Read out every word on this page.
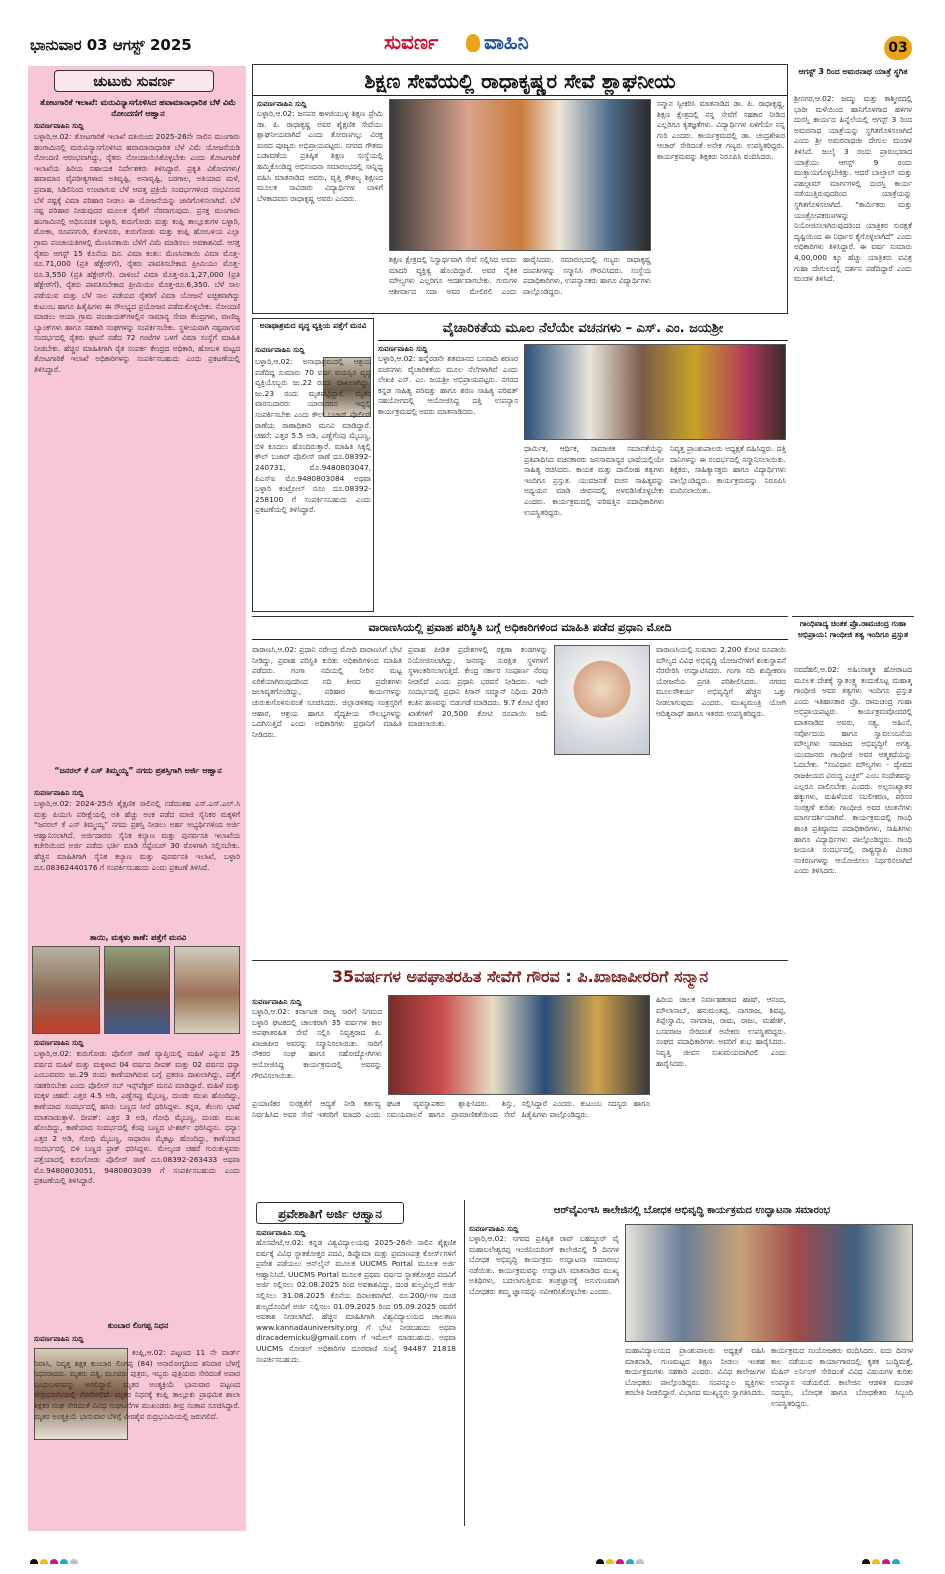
ಭಾನುವಾರ 03 ಆಗಸ್ಟ್ 2025	ಸುವರ್ಣ ವಾಹಿನಿ	03
ಚುಟುಕು ಸುವರ್ಣ
ತೋಟಗಾರಿಕೆ ಇಲಾಖೆ: ಮರುವಿನ್ಯಾಸಗೊಳಿಸಿದ ಹವಾಮಾನಾಧಾರಿತ ಬೆಳೆ ವಿಮೆ ನೋಂದಣಿಗೆ ಆಹ್ವಾನ
ಸುವರ್ಣವಾಹಿನಿ ಸುದ್ದಿ
ಬಳ್ಳಾರಿ,ಆ.02: ತೋಟಗಾರಿಕೆ ಇಲಾಖೆ ವತಿಯಿಂದ 2025-26ನೇ ಸಾಲಿನ ಮುಂಗಾರು ಹಂಗಾಮಿನಲ್ಲಿ ಮರುವಿನ್ಯಾಸಗೊಳಿಸಿದ ಹವಾಮಾನಾಧಾರಿತ ಬೆಳೆ ವಿಮೆ ಯೋಜನೆಯಡಿ ನೋಂದಣಿ ಆರಂಭವಾಗಿದ್ದು, ರೈತರು ನೋಂದಾಯಿಸಿಕೊಳ್ಳಬೇಕು ಎಂದು ತೋಟಗಾರಿಕೆ ಇಲಾಖೆಯ ಹಿರಿಯ ಸಹಾಯಕ ನಿರ್ದೇಶಕರು ತಿಳಿಸಿದ್ದಾರೆ. ಪ್ರಕೃತಿ ವಿಕೋಪಗಳು/ಹವಾಮಾನ ವೈಪರೀತ್ಯಗಳಾದ ಅತಿವೃಷ್ಟಿ, ಅನಾವೃಷ್ಟಿ, ಬರಗಾಲ, ಅತಿಯಾದ ಮಳೆ, ಪ್ರವಾಹ, ಸಿಡಿಲಿನಿಂದ ಉಂಟಾಗುವ ಬೆಳೆ ಆಪತ್ತ ಪ್ರಕ್ರಿಯೆ ಸಂದರ್ಭಗಳಿಂದ ಸಂಭವಿಸುವ ಬೆಳೆ ನಷ್ಟಕ್ಕೆ ವಿಮಾ ಪರಿಹಾರ ನೀಡಲು ಈ ಯೋಜನೆಯನ್ನು ಜಾರಿಗೊಳಿಸಲಾಗಿದೆ. ಬೆಳೆ ನಷ್ಟ ಪರಿಹಾರ ನೀಡುವುದರ ಮೂಲಕ ರೈತರಿಗೆ ನೆರವಾಗುವುದು. ಪ್ರಸಕ್ತ ಮುಂಗಾರು ಹಂಗಾಮಿನಲ್ಲಿ ಅಧಿಸೂಚಿತ ಬಳ್ಳಾರಿ, ಕುರುಗೋಡು ಮತ್ತು ಕಂಪ್ಲಿ ತಾಲ್ಲೂಕುಗಳ ಬಳ್ಳಾರಿ, ಮೋಕಾ, ರೂಪನಗುಡಿ, ಕೋಳೂರು, ಕುರುಗೋಡು ಮತ್ತು ಕಂಪ್ಲಿ ಹೋಬಳಿಯ ಎಲ್ಲಾ ಗ್ರಾಮ ಪಂಚಾಯತಿಗಳಲ್ಲಿ ಮೆಣಸಿನಕಾಯಿ ಬೆಳೆಗೆ ವಿಮೆ ಮಾಡಿಸಲು ಅವಕಾಶವಿದೆ. ಆಸಕ್ತ ರೈತರು ಆಗಸ್ಟ್ 15 ಕೊನೆಯ ದಿನ. ವಿಮಾ ಕಂತು: ಮೆಣಸಿನಕಾಯಿ ವಿಮಾ ಮೊತ್ತ-ರೂ.71,000 (ಪ್ರತಿ ಹೆಕ್ಟೇರ್‌ಗೆ), ರೈತರು ಪಾವತಿಸಬೇಕಾದ ಪ್ರೀಮಿಯಂ ಮೊತ್ತ-ರೂ.3,550 (ಪ್ರತಿ ಹೆಕ್ಟೇರ್‌ಗೆ). ದಾಳಿಂಬೆ ವಿಮಾ ಮೊತ್ತ-ರೂ.1,27,000 (ಪ್ರತಿ ಹೆಕ್ಟೇರ್‌ಗೆ), ರೈತರು ಪಾವತಿಸಬೇಕಾದ ಪ್ರೀಮಿಯಂ ಮೊತ್ತ-ರೂ.6,350. ಬೆಳೆ ಸಾಲ ಪಡೆಯುವ ಮತ್ತು ಬೆಳೆ ಸಾಲ ಪಡೆಯದ ರೈತರಿಗೆ ವಿಮಾ ಯೋಜನೆ ಐಚ್ಛಿಕವಾಗಿದ್ದು ಕುಟುಂಬ ಹಾಗೂ ಹಿತೈಷಿಗಳು ಈ ಸೌಲಭ್ಯದ ಪ್ರಯೋಜನ ಪಡೆದುಕೊಳ್ಳಬೇಕು. ನೋಂದಣಿ ಮಾಡಲು ಆಯಾ ಗ್ರಾಮ ಪಂಚಾಯತ್‌ಗಳಲ್ಲಿನ ಸಾಮಾನ್ಯ ಸೇವಾ ಕೇಂದ್ರಗಳು, ವಾಣಿಜ್ಯ ಬ್ಯಾಂಕ್‌ಗಳು ಹಾಗೂ ಸಹಕಾರಿ ಸಂಘಗಳನ್ನು ಸಂಪರ್ಕಿಸಬೇಕು. ಸ್ಥಳೀಯವಾಗಿ ನಷ್ಟವಾಗುವ ಸಂದರ್ಭದಲ್ಲಿ ರೈತರು ಘಟನೆ ನಡೆದ 72 ಗಂಟೆಗಳ ಒಳಗೆ ವಿಮಾ ಸಂಸ್ಥೆಗೆ ಮಾಹಿತಿ ನೀಡಬೇಕು. ಹೆಚ್ಚಿನ ಮಾಹಿತಿಗಾಗಿ ರೈತ ಸಂಪರ್ಕ ಕೇಂದ್ರದ ಅಧಿಕಾರಿ, ಹೋಬಳಿ ಮಟ್ಟದ ತೋಟಗಾರಿಕೆ ಇಲಾಖೆ ಅಧಿಕಾರಿಗಳನ್ನು ಸಂಪರ್ಕಿಸಬಹುದು ಎಂದು ಪ್ರಕಟಣೆಯಲ್ಲಿ ತಿಳಿಸಿದ್ದಾರೆ.
“ಜನರಲ್ ಕೆ ಎಸ್ ತಿಮ್ಮಯ್ಯ” ನಗದು ಪ್ರಶಸ್ತಿಗಾಗಿ ಅರ್ಜಿ ಆಹ್ವಾನ
ಸುವರ್ಣವಾಹಿನಿ ಸುದ್ದಿ
ಬಳ್ಳಾರಿ,ಆ.02: 2024-25ನೇ ಶೈಕ್ಷಣಿಕ ಸಾಲಿನಲ್ಲಿ ನಡೆದಂತಹ ಎಸ್.ಎಸ್.ಎಲ್.ಸಿ ಮತ್ತು ಪಿಯುಸಿ ಪರೀಕ್ಷೆಯಲ್ಲಿ ಅತಿ ಹೆಚ್ಚು ಅಂಕ ಪಡೆದ ಮಾಜಿ ಸೈನಿಕರ ಮಕ್ಕಳಿಗೆ “ಜನರಲ್ ಕೆ ಎಸ್ ತಿಮ್ಮಯ್ಯ” ನಗದು ಪ್ರಶಸ್ತಿ ನೀಡಲು ಅರ್ಹ ಅಭ್ಯರ್ಥಿಗಳಿಂದ ಅರ್ಜಿ ಆಹ್ವಾನಿಸಲಾಗಿದೆ. ಅರ್ಜಿದಾರರು ಸೈನಿಕ ಕಲ್ಯಾಣ ಮತ್ತು ಪುನರ್ವಸತಿ ಇಲಾಖೆಯ ಕಚೇರಿಯಿಂದ ಅರ್ಜಿ ಪಡೆದು ಭರ್ತಿ ಮಾಡಿ ಸೆಪ್ಟೆಂಬರ್ 30 ರೊಳಗಾಗಿ ಸಲ್ಲಿಸಬೇಕು. ಹೆಚ್ಚಿನ ಮಾಹಿತಿಗಾಗಿ ಸೈನಿಕ ಕಲ್ಯಾಣ ಮತ್ತು ಪುನರ್ವಸತಿ ಇಲಾಖೆ, ಬಳ್ಳಾರಿ ದೂ.08362440176 ಗೆ ಸಂಪರ್ಕಿಸಬಹುದು ಎಂದು ಪ್ರಕಟಣೆ ತಿಳಿಸಿದೆ.
ತಾಯಿ, ಮಕ್ಕಳು ಕಾಣೆ: ಪತ್ತೆಗೆ ಮನವಿ
ಸುವರ್ಣವಾಹಿನಿ ಸುದ್ದಿ
ಬಳ್ಳಾರಿ,ಆ.02: ಕುರುಗೋಡು ಪೊಲೀಸ್ ಠಾಣೆ ವ್ಯಾಪ್ತಿಯಲ್ಲಿ ಮಹಿಳೆ ಎನ್ನುವ 25 ವರ್ಷದ ಮಹಿಳೆ ಮತ್ತು ಮಕ್ಕಳಾದ 04 ವರ್ಷದ ದೀಪಕ್ ಮತ್ತು 02 ವರ್ಷದ ಧನ್ಯಾ ಎಂಬುವವರು ಜು.29 ರಂದು ಕಾಣೆಯಾಗಿರುವ ಬಗ್ಗೆ ಪ್ರಕರಣ ದಾಖಲಾಗಿದ್ದು, ಪತ್ತೆಗೆ ಸಹಕರಿಸಬೇಕು ಎಂದು ಪೊಲೀಸ್ ಸಬ್ ಇನ್ಸ್‌ಪೆಕ್ಟರ್ ಮನವಿ ಮಾಡಿದ್ದಾರೆ. ಮಹಿಳೆ ಮತ್ತು ಮಕ್ಕಳ ಚಹರೆ: ಎತ್ತರ 4.5 ಅಡಿ, ಎಣ್ಣೆಗಪ್ಪು ಮೈಬಣ್ಣ, ದುಂಡು ಮುಖ ಹೊಂದಿದ್ದು, ಕಾಣೆಯಾದ ಸಂದರ್ಭದಲ್ಲಿ ಹಸಿರು ಬಣ್ಣದ ಸೀರೆ ಧರಿಸಿದ್ದಳು. ಕನ್ನಡ, ತೆಲುಗು ಭಾಷೆ ಮಾತನಾಡುತ್ತಾಳೆ. ದೀಪಕ್: ಎತ್ತರ 3 ಅಡಿ, ಗೋಧಿ ಮೈಬಣ್ಣ, ದುಂಡು ಮುಖ ಹೊಂದಿದ್ದು, ಕಾಣೆಯಾದ ಸಂದರ್ಭದಲ್ಲಿ ಕೆಂಪು ಬಣ್ಣದ ಟಿ-ಶರ್ಟ್ ಧರಿಸಿದ್ದನು. ಧನ್ಯಾ: ಎತ್ತರ 2 ಅಡಿ, ಗೋಧಿ ಮೈಬಣ್ಣ, ಸಾಧಾರಣ ಮೈಕಟ್ಟು ಹೊಂದಿದ್ದು, ಕಾಣೆಯಾದ ಸಂದರ್ಭದಲ್ಲಿ ಬಿಳಿ ಬಣ್ಣದ ಫ್ರಾಕ್ ಧರಿಸಿದ್ದಳು. ಮೇಲ್ಕಂಡ ಚಹರೆ ಗುರುತುಳ್ಳವರು ಪತ್ತೆಯಾದಲ್ಲಿ ಕುರುಗೋಡು ಪೊಲೀಸ್ ಠಾಣೆ ದೂ.08392-263433 ಅಥವಾ ಮೊ.9480803051, 9480803039 ಗೆ ಸಂಪರ್ಕಿಸಬಹುದು ಎಂದು ಪ್ರಕಟಣೆಯಲ್ಲಿ ತಿಳಿಸಿದ್ದಾರೆ.
ಕುಂಬಾರ ಲಿಂಗಪ್ಪ ನಿಧನ
ಸುವರ್ಣವಾಹಿನಿ ಸುದ್ದಿ
ಕಂಪ್ಲಿ,ಆ.02: ಪಟ್ಟಣದ 11 ನೇ ವಾರ್ಡ್ ನಿವಾಸಿ, ನಿವೃತ್ತ ಶಿಕ್ಷಕ ಕುಂಬಾರ ಲಿಂಗಪ್ಪ (84) ಅನಾರೋಗ್ಯದಿಂದ ಶನಿವಾರ ಬೆಳಗ್ಗೆ ನಿಧನರಾದರು. ಮೃತರು ಪತ್ನಿ, ಮೂವರು ಪುತ್ರರು, ಇಬ್ಬರು ಪುತ್ರಿಯರು ಸೇರಿದಂತೆ ಅಪಾರ ಬಂಧುಬಳಗವನ್ನು ಅಗಲಿದ್ದಾರೆ. ಮೃತರ ಅಂತ್ಯಕ್ರಿಯೆ ಭಾನುವಾರ ಪಟ್ಟಣದ ರುದ್ರಭೂಮಿಯಲ್ಲಿ ನೆರವೇರಲಿದೆ. ಮೃತರ ನಿಧನಕ್ಕೆ ಕಂಪ್ಲಿ ತಾಲ್ಲೂಕು ಪ್ರಾಥಮಿಕ ಶಾಲಾ ಶಿಕ್ಷಕರ ಸಂಘ ಸೇರಿದಂತೆ ವಿವಿಧ ಸಂಘಟನೆಗಳ ಮುಖಂಡರು ತೀವ್ರ ಸಂತಾಪ ಸೂಚಿಸಿದ್ದಾರೆ. ಮೃತರ ಅಂತ್ಯಕ್ರಿಯೆ ಭಾನುವಾರ ಬೆಳಿಗ್ಗೆ ವೀರಶೈವ ರುದ್ರಭೂಮಿಯಲ್ಲಿ ಜರುಗಲಿದೆ.
ಶಿಕ್ಷಣ ಸೇವೆಯಲ್ಲಿ ರಾಧಾಕೃಷ್ಣರ ಸೇವೆ ಶ್ಲಾಘನೀಯ
ಸುವರ್ಣವಾಹಿನಿ ಸುದ್ದಿ
ಬಳ್ಳಾರಿ,ಆ.02: ಜನಪರ ಕಾಳಜಿಯುಳ್ಳ ಶಿಕ್ಷಣ ಪ್ರೇಮಿ ಡಾ. ಪಿ. ರಾಧಾಕೃಷ್ಣ ಅವರ ಶೈಕ್ಷಣಿಕ ಸೇವೆಯು ಶ್ಲಾಘನೀಯವಾಗಿದೆ ಎಂದು ತೋರಣಗಲ್ಲು ವಿರಕ್ತ ಮಠದ ಪೂಜ್ಯರು ಅಭಿಪ್ರಾಯಪಟ್ಟರು. ನಗರದ ಗೌತಮ ಬಡಾವಣೆಯ ಪ್ರತಿಷ್ಠಿತ ಶಿಕ್ಷಣ ಸಂಸ್ಥೆಯಲ್ಲಿ ಹಮ್ಮಿಕೊಂಡಿದ್ದ ಅಭಿನಂದನಾ ಸಮಾರಂಭದಲ್ಲಿ ಸಾನ್ನಿಧ್ಯ ವಹಿಸಿ ಮಾತನಾಡಿದ ಅವರು, ವೃತ್ತಿ ಕೌಶಲ್ಯ ಶಿಕ್ಷಣದ ಮೂಲಕ ಸಾವಿರಾರು ವಿದ್ಯಾರ್ಥಿಗಳ ಬಾಳಿಗೆ ಬೆಳಕಾದವರು ರಾಧಾಕೃಷ್ಣ ಅವರು ಎಂದರು.
ಸನ್ಮಾನ ಸ್ವೀಕರಿಸಿ ಮಾತನಾಡಿದ ಡಾ. ಪಿ. ರಾಧಾಕೃಷ್ಣ, ಶಿಕ್ಷಣ ಕ್ಷೇತ್ರದಲ್ಲಿ ನನ್ನ ಸೇವೆಗೆ ಸಹಕಾರ ನೀಡಿದ ಎಲ್ಲರಿಗೂ ಕೃತಜ್ಞತೆಗಳು. ವಿದ್ಯಾರ್ಥಿಗಳ ಏಳಿಗೆಯೇ ನನ್ನ ಗುರಿ ಎಂದರು. ಕಾರ್ಯಕ್ರಮದಲ್ಲಿ ಡಾ. ಚಂದ್ರಶೇಖರ ಆಚಾರ್ ಸೇರಿದಂತೆ ಅನೇಕ ಗಣ್ಯರು ಉಪಸ್ಥಿತರಿದ್ದರು. ಕಾರ್ಯಕ್ರಮವನ್ನು ಶಿಕ್ಷಕರು ನಿರೂಪಿಸಿ ವಂದಿಸಿದರು.
ಶಿಕ್ಷಣ ಕ್ಷೇತ್ರದಲ್ಲಿ ನಿಸ್ವಾರ್ಥವಾಗಿ ಸೇವೆ ಸಲ್ಲಿಸಿದ ಅವರು ಮಾದರಿ ವ್ಯಕ್ತಿತ್ವ ಹೊಂದಿದ್ದಾರೆ. ಅವರ ನೈತಿಕ ಮೌಲ್ಯಗಳು ಎಲ್ಲರಿಗೂ ಆದರ್ಶವಾಗಬೇಕು. ಗುರುಗಳ ಆಶೀರ್ವಾದ ಸದಾ ಅವರ ಮೇಲಿರಲಿ ಎಂದು ಹಾರೈಸಿದರು. ಸಮಾರಂಭದಲ್ಲಿ ಗಣ್ಯರು ರಾಧಾಕೃಷ್ಣ ದಂಪತಿಗಳನ್ನು ಸನ್ಮಾನಿಸಿ ಗೌರವಿಸಿದರು. ಸಂಸ್ಥೆಯ ಪದಾಧಿಕಾರಿಗಳು, ಉಪನ್ಯಾಸಕರು ಹಾಗೂ ವಿದ್ಯಾರ್ಥಿಗಳು ಪಾಲ್ಗೊಂಡಿದ್ದರು.
ಆಗಸ್ಟ್ 3 ರಿಂದ ಅಮರನಾಥ ಯಾತ್ರೆ ಸ್ಥಗಿತ
ಶ್ರೀನಗರ,ಆ.02: ಜಮ್ಮು ಮತ್ತು ಕಾಶ್ಮೀರದಲ್ಲಿ ಭಾರೀ ಮಳೆಯಿಂದ ಹಾನಿಗೊಳಗಾದ ಹಳಿಗಳ ದುರಸ್ತಿ ಕಾರ್ಯದ ಹಿನ್ನೆಲೆಯಲ್ಲಿ ಆಗಸ್ಟ್ 3 ರಿಂದ ಅಮರನಾಥ ಯಾತ್ರೆಯನ್ನು ಸ್ಥಗಿತಗೊಳಿಸಲಾಗಿದೆ ಎಂದು ಶ್ರೀ ಅಮರನಾಥಜೀ ದೇಗುಲ ಮಂಡಳಿ ತಿಳಿಸಿದೆ. ಜುಲೈ 3 ರಂದು ಪ್ರಾರಂಭವಾದ ಯಾತ್ರೆಯು ಆಗಸ್ಟ್ 9 ರಂದು ಮುಕ್ತಾಯಗೊಳ್ಳಬೇಕಿತ್ತು. ಆದರೆ ಬಾಲ್ತಾಲ್ ಮತ್ತು ಪಹಲ್ಗಾಮ್ ಮಾರ್ಗಗಳಲ್ಲಿ ದುರಸ್ತಿ ಕಾರ್ಯ ನಡೆಯುತ್ತಿರುವುದರಿಂದ ಯಾತ್ರೆಯನ್ನು ಸ್ಥಗಿತಗೊಳಿಸಲಾಗಿದೆ. “ಕಾರ್ಮಿಕರು ಮತ್ತು ಯಂತ್ರೋಪಕರಣಗಳನ್ನು ನಿಯೋಜಿಸಲಾಗಿರುವುದರಿಂದ ಯಾತ್ರಿಕರ ಸುರಕ್ಷತೆ ದೃಷ್ಟಿಯಿಂದ ಈ ನಿರ್ಧಾರ ಕೈಗೊಳ್ಳಲಾಗಿದೆ” ಎಂದು ಅಧಿಕಾರಿಗಳು ತಿಳಿಸಿದ್ದಾರೆ. ಈ ವರ್ಷ ಸುಮಾರು 4,00,000 ಕ್ಕೂ ಹೆಚ್ಚು ಯಾತ್ರಿಕರು ಪವಿತ್ರ ಗುಹಾ ದೇಗುಲದಲ್ಲಿ ದರ್ಶನ ಪಡೆದಿದ್ದಾರೆ ಎಂದು ಮಂಡಳಿ ತಿಳಿಸಿದೆ.
ಅನಾಥಾಶ್ರಮದ ವೃದ್ಧ ವ್ಯಕ್ತಿಯ ಪತ್ತೆಗೆ ಮನವಿ
ಸುವರ್ಣವಾಹಿನಿ ಸುದ್ದಿ
ಬಳ್ಳಾರಿ,ಆ.02: ಅನಾಥಾಶ್ರಮದಲ್ಲಿ ಆಶ್ರಯ ಪಡೆದಿದ್ದ ಸುಮಾರು 70 ವರ್ಷ ವಯಸ್ಸಿನ ವೃದ್ಧ ವ್ಯಕ್ತಿಯೊಬ್ಬರು ಜು.22 ರಂದು ದಾಖಲಾಗಿದ್ದು, ಜು.23 ರಂದು ಮೃತಪಟ್ಟಿದ್ದಾರೆ. ಮೃತರ ವಾರಸುದಾರರು ಯಾರಾದರೂ ಇದ್ದಲ್ಲಿ ಸಂಪರ್ಕಿಸಬೇಕು ಎಂದು ಕೌಲ್ ಬಜಾರ್ ಪೊಲೀಸ್ ಠಾಣೆಯ ಠಾಣಾಧಿಕಾರಿ ಮನವಿ ಮಾಡಿದ್ದಾರೆ. ಚಹರೆ: ಎತ್ತರ 5.5 ಅಡಿ, ಎಣ್ಣೆಗೆಂಪು ಮೈಬಣ್ಣ, ಬಿಳಿ ಕೂದಲು ಹೊಂದಿರುತ್ತಾರೆ. ಮಾಹಿತಿ ಸಿಕ್ಕಲ್ಲಿ ಕೌಲ್ ಬಜಾರ್ ಪೊಲೀಸ್ ಠಾಣೆ ದೂ.08392-240731, ಮೊ.9480803047, ಪಿಎಸ್‌ಐ ಮೊ.9480803084 ಅಥವಾ ಬಳ್ಳಾರಿ ಕಂಟ್ರೋಲ್ ರೂಂ ದೂ.08392-258100 ಗೆ ಸಂಪರ್ಕಿಸಬಹುದು ಎಂದು ಪ್ರಕಟಣೆಯಲ್ಲಿ ತಿಳಿಸಿದ್ದಾರೆ.
ವೈಚಾರಿಕತೆಯ ಮೂಲ ನೆಲೆಯೇ ವಚನಗಳು – ಎಸ್. ಎಂ. ಜಯಶ್ರೀ
ಸುವರ್ಣವಾಹಿನಿ ಸುದ್ದಿ
ಬಳ್ಳಾರಿ,ಆ.02: ಹನ್ನೆರಡನೇ ಶತಮಾನದ ಬಸವಾದಿ ಶರಣರ ವಚನಗಳು ವೈಚಾರಿಕತೆಯ ಮೂಲ ನೆಲೆಗಳಾಗಿವೆ ಎಂದು ಲೇಖಕಿ ಎಸ್. ಎಂ. ಜಯಶ್ರೀ ಅಭಿಪ್ರಾಯಪಟ್ಟರು. ನಗರದ ಕನ್ನಡ ಸಾಹಿತ್ಯ ಪರಿಷತ್ತು ಹಾಗೂ ಶರಣ ಸಾಹಿತ್ಯ ಪರಿಷತ್ ಸಹಯೋಗದಲ್ಲಿ ಆಯೋಜಿಸಿದ್ದ ದತ್ತಿ ಉಪನ್ಯಾಸ ಕಾರ್ಯಕ್ರಮದಲ್ಲಿ ಅವರು ಮಾತನಾಡಿದರು.
ಧಾರ್ಮಿಕ, ಆರ್ಥಿಕ, ಸಾಮಾಜಿಕ ಸಮಾನತೆಯನ್ನು ಪ್ರತಿಪಾದಿಸಿದ ವಚನಕಾರರು ಜನಸಾಮಾನ್ಯರ ಭಾಷೆಯಲ್ಲಿಯೇ ಸಾಹಿತ್ಯ ರಚಿಸಿದರು. ಕಾಯಕ ಮತ್ತು ದಾಸೋಹ ತತ್ವಗಳು ಇಂದಿಗೂ ಪ್ರಸ್ತುತ. ಯುವಜನತೆ ವಚನ ಸಾಹಿತ್ಯವನ್ನು ಅಧ್ಯಯನ ಮಾಡಿ ಜೀವನದಲ್ಲಿ ಅಳವಡಿಸಿಕೊಳ್ಳಬೇಕು ಎಂದರು. ಕಾರ್ಯಕ್ರಮದಲ್ಲಿ ಪರಿಷತ್ತಿನ ಪದಾಧಿಕಾರಿಗಳು ಉಪಸ್ಥಿತರಿದ್ದರು.
ನಿವೃತ್ತ ಪ್ರಾಂಶುಪಾಲರು ಅಧ್ಯಕ್ಷತೆ ವಹಿಸಿದ್ದರು. ದತ್ತಿ ದಾನಿಗಳನ್ನು ಈ ಸಂದರ್ಭದಲ್ಲಿ ಸನ್ಮಾನಿಸಲಾಯಿತು. ಶಿಕ್ಷಕರು, ಸಾಹಿತ್ಯಾಸಕ್ತರು ಹಾಗೂ ವಿದ್ಯಾರ್ಥಿಗಳು ಪಾಲ್ಗೊಂಡಿದ್ದರು. ಕಾರ್ಯಕ್ರಮವನ್ನು ನಿರೂಪಿಸಿ ವಂದಿಸಲಾಯಿತು.
ವಾರಾಣಸಿಯಲ್ಲಿ ಪ್ರವಾಹ ಪರಿಸ್ಥಿತಿ ಬಗ್ಗೆ ಅಧಿಕಾರಿಗಳಿಂದ ಮಾಹಿತಿ ಪಡೆದ ಪ್ರಧಾನಿ ಮೋದಿ
ವಾರಾಣಸಿ,ಆ.02: ಪ್ರಧಾನಿ ನರೇಂದ್ರ ಮೋದಿ ವಾರಾಣಸಿಗೆ ಭೇಟಿ ನೀಡಿದ್ದು, ಪ್ರವಾಹ ಪರಿಸ್ಥಿತಿ ಕುರಿತು ಅಧಿಕಾರಿಗಳಿಂದ ಮಾಹಿತಿ ಪಡೆದರು. ಗಂಗಾ ನದಿಯಲ್ಲಿ ನೀರಿನ ಮಟ್ಟ ಏರಿಕೆಯಾಗಿರುವುದರಿಂದ ನದಿ ತೀರದ ಪ್ರದೇಶಗಳು ಜಲಾವೃತಗೊಂಡಿದ್ದು, ಪರಿಹಾರ ಕಾರ್ಯಗಳನ್ನು ಚುರುಕುಗೊಳಿಸುವಂತೆ ಸೂಚಿಸಿದರು. ಜಿಲ್ಲಾಡಳಿತವು ಸಂತ್ರಸ್ತರಿಗೆ ಆಹಾರ, ಆಶ್ರಯ ಹಾಗೂ ವೈದ್ಯಕೀಯ ಸೌಲಭ್ಯಗಳನ್ನು ಒದಗಿಸುತ್ತಿದೆ ಎಂದು ಅಧಿಕಾರಿಗಳು ಪ್ರಧಾನಿಗೆ ಮಾಹಿತಿ ನೀಡಿದರು.
ಪ್ರವಾಹ ಪೀಡಿತ ಪ್ರದೇಶಗಳಲ್ಲಿ ರಕ್ಷಣಾ ತಂಡಗಳನ್ನು ನಿಯೋಜಿಸಲಾಗಿದ್ದು, ಜನರನ್ನು ಸುರಕ್ಷಿತ ಸ್ಥಳಗಳಿಗೆ ಸ್ಥಳಾಂತರಿಸಲಾಗುತ್ತಿದೆ. ಕೇಂದ್ರ ಸರ್ಕಾರ ಸಂಪೂರ್ಣ ನೆರವು ನೀಡಲಿದೆ ಎಂದು ಪ್ರಧಾನಿ ಭರವಸೆ ನೀಡಿದರು. ಇದೇ ಸಂದರ್ಭದಲ್ಲಿ ಪ್ರಧಾನಿ ಕಿಸಾನ್ ಸಮ್ಮಾನ್ ನಿಧಿಯ 20ನೇ ಕಂತಿನ ಹಣವನ್ನು ಬಿಡುಗಡೆ ಮಾಡಿದರು. 9.7 ಕೋಟಿ ರೈತರ ಖಾತೆಗಳಿಗೆ 20,500 ಕೋಟಿ ರೂಪಾಯಿ ಜಮೆ ಮಾಡಲಾಯಿತು.
ವಾರಾಣಸಿಯಲ್ಲಿ ಸುಮಾರು 2,200 ಕೋಟಿ ರೂಪಾಯಿ ಮೌಲ್ಯದ ವಿವಿಧ ಅಭಿವೃದ್ಧಿ ಯೋಜನೆಗಳಿಗೆ ಶಂಕುಸ್ಥಾಪನೆ ನೆರವೇರಿಸಿ ಉದ್ಘಾಟಿಸಿದರು. ಗಂಗಾ ನದಿ ಶುದ್ಧೀಕರಣ ಯೋಜನೆಯ ಪ್ರಗತಿ ಪರಿಶೀಲಿಸಿದರು. ನಗರದ ಮೂಲಸೌಕರ್ಯ ಅಭಿವೃದ್ಧಿಗೆ ಹೆಚ್ಚಿನ ಒತ್ತು ನೀಡಲಾಗುವುದು ಎಂದರು. ಮುಖ್ಯಮಂತ್ರಿ ಯೋಗಿ ಆದಿತ್ಯನಾಥ್ ಹಾಗೂ ಇತರರು ಉಪಸ್ಥಿತರಿದ್ದರು.
ಗಾಂಧಿವಾದ್ಯ ಚಿಂತಕ ಪ್ರೊ.ರಾಮಚಂದ್ರ ಗುಹಾ ಅಭಿಪ್ರಾಯ: ಗಾಂಧೀಜಿ ತತ್ವ ಇಂದಿಗೂ ಪ್ರಸ್ತುತ
ನವದೆಹಲಿ,ಆ.02: ಅಹಿಂಸಾತ್ಮಕ ಹೋರಾಟದ ಮೂಲಕ ದೇಶಕ್ಕೆ ಸ್ವಾತಂತ್ರ್ಯ ತಂದುಕೊಟ್ಟ ಮಹಾತ್ಮ ಗಾಂಧೀಜಿ ಅವರ ತತ್ವಗಳು ಇಂದಿಗೂ ಪ್ರಸ್ತುತ ಎಂದು ಇತಿಹಾಸಕಾರ ಪ್ರೊ. ರಾಮಚಂದ್ರ ಗುಹಾ ಅಭಿಪ್ರಾಯಪಟ್ಟರು. ಕಾರ್ಯಕ್ರಮವೊಂದರಲ್ಲಿ ಮಾತನಾಡಿದ ಅವರು, ಸತ್ಯ, ಅಹಿಂಸೆ, ಸರ್ವೋದಯ ಹಾಗೂ ಸ್ವಾವಲಂಬನೆಯ ಮೌಲ್ಯಗಳು ಸಮಾಜದ ಅಭಿವೃದ್ಧಿಗೆ ಅಗತ್ಯ. ಯುವಜನರು ಗಾಂಧೀಜಿ ಅವರ ಆತ್ಮಕಥೆಯನ್ನು ಓದಬೇಕು. “ಸಂವಿಧಾನ ಮೌಲ್ಯಗಳು - ದ್ವೇಷದ ರಾಜಕೀಯದ ವಿರುದ್ಧ ಎಚ್ಚರ” ಎಂಬ ಸಂದೇಶವನ್ನು ಎಲ್ಲರೂ ಪಾಲಿಸಬೇಕು ಎಂದರು. ಅಲ್ಪಸಂಖ್ಯಾತರ ಹಕ್ಕುಗಳು, ಮಹಿಳೆಯರ ಸಬಲೀಕರಣ, ಪರಿಸರ ಸಂರಕ್ಷಣೆ ಕುರಿತು ಗಾಂಧೀಜಿ ಅವರ ಚಿಂತನೆಗಳು ಮಾರ್ಗದರ್ಶಿಯಾಗಿವೆ. ಕಾರ್ಯಕ್ರಮದಲ್ಲಿ ಗಾಂಧಿ ಶಾಂತಿ ಪ್ರತಿಷ್ಠಾನದ ಪದಾಧಿಕಾರಿಗಳು, ಸಾಹಿತಿಗಳು ಹಾಗೂ ವಿದ್ಯಾರ್ಥಿಗಳು ಪಾಲ್ಗೊಂಡಿದ್ದರು. ಗಾಂಧಿ ಜಯಂತಿ ಸಂದರ್ಭದಲ್ಲಿ ರಾಷ್ಟ್ರವ್ಯಾಪಿ ವಿಚಾರ ಸಂಕಿರಣಗಳನ್ನು ಆಯೋಜಿಸಲು ನಿರ್ಧರಿಸಲಾಗಿದೆ ಎಂದು ತಿಳಿಸಿದರು.
35ವರ್ಷಗಳ ಅಪಘಾತರಹಿತ ಸೇವೆಗೆ ಗೌರವ : ಪಿ.ಖಾಜಾಪೀರರಿಗೆ ಸನ್ಮಾನ
ಸುವರ್ಣವಾಹಿನಿ ಸುದ್ದಿ
ಬಳ್ಳಾರಿ,ಆ.02: ಕರ್ನಾಟಕ ರಾಜ್ಯ ಸಾರಿಗೆ ನಿಗಮದ ಬಳ್ಳಾರಿ ಘಟಕದಲ್ಲಿ ಚಾಲಕರಾಗಿ 35 ವರ್ಷಗಳ ಕಾಲ ಅಪಘಾತರಹಿತ ಸೇವೆ ಸಲ್ಲಿಸಿ ನಿವೃತ್ತರಾದ ಪಿ. ಖಾಜಾಪೀರ ಅವರನ್ನು ಸನ್ಮಾನಿಸಲಾಯಿತು. ಸಾರಿಗೆ ನೌಕರರ ಸಂಘ ಹಾಗೂ ಸಹೋದ್ಯೋಗಿಗಳು ಆಯೋಜಿಸಿದ್ದ ಕಾರ್ಯಕ್ರಮದಲ್ಲಿ ಅವರನ್ನು ಗೌರವಿಸಲಾಯಿತು.
ಪ್ರಯಾಣಿಕರ ಸುರಕ್ಷತೆಗೆ ಆದ್ಯತೆ ನೀಡಿ ಕರ್ತವ್ಯ ನಿರ್ವಹಿಸಿದ ಅವರ ಸೇವೆ ಇತರರಿಗೆ ಮಾದರಿ ಎಂದು ಘಟಕ ವ್ಯವಸ್ಥಾಪಕರು ಶ್ಲಾಘಿಸಿದರು. ಶಿಸ್ತು, ಸಮಯಪಾಲನೆ ಹಾಗೂ ಪ್ರಾಮಾಣಿಕತೆಯಿಂದ ಸೇವೆ ಸಲ್ಲಿಸಿದ್ದಾರೆ ಎಂದರು. ಕುಟುಂಬ ಸದಸ್ಯರು ಹಾಗೂ ಹಿತೈಷಿಗಳು ಪಾಲ್ಗೊಂಡಿದ್ದರು.
ಹಿರಿಯ ಚಾಲಕ ನಿರ್ವಾಹಕರಾದ ಹಾಷ್, ಆನಂದ, ಮೌಲಾಸಾಬ್, ಹನುಮಂತಪ್ಪ, ನಾಗರಾಜ, ಶಿವಪ್ಪ, ತಿಪ್ಪೇಸ್ವಾಮಿ, ನಾಗರಾಜ, ರಾಮ, ರಾಜು, ಮಹೇಶ್, ಬಸವರಾಜ ಸೇರಿದಂತೆ ಅನೇಕರು ಉಪಸ್ಥಿತರಿದ್ದರು. ಸಂಘದ ಪದಾಧಿಕಾರಿಗಳು ಅವರಿಗೆ ಶುಭ ಹಾರೈಸಿದರು. ನಿವೃತ್ತಿ ಜೀವನ ಸುಖಮಯವಾಗಿರಲಿ ಎಂದು ಹಾರೈಸಿದರು.
ಪ್ರವೇಶಾತಿಗೆ ಅರ್ಜಿ ಆಹ್ವಾನ
ಸುವರ್ಣವಾಹಿನಿ ಸುದ್ದಿ
ಹೊಸಪೇಟೆ,ಆ.02: ಕನ್ನಡ ವಿಶ್ವವಿದ್ಯಾಲಯವು 2025-26ನೇ ಸಾಲಿನ ಶೈಕ್ಷಣಿಕ ವರ್ಷಕ್ಕೆ ವಿವಿಧ ಸ್ನಾತಕೋತ್ತರ ಪದವಿ, ಡಿಪ್ಲೊಮಾ ಮತ್ತು ಪ್ರಮಾಣಪತ್ರ ಕೋರ್ಸ್‌ಗಳಿಗೆ ಪ್ರವೇಶ ಪಡೆಯಲು ಆನ್‌ಲೈನ್ ಮೂಲಕ UUCMS Portal ಮೂಲಕ ಅರ್ಜಿ ಆಹ್ವಾನಿಸಿದೆ. UUCMS Portal ಮೂಲಕ ಪ್ರಥಮ ವರ್ಷದ ಸ್ನಾತಕೋತ್ತರ ಪದವಿಗೆ ಅರ್ಜಿ ಸಲ್ಲಿಸಲು 02.08.2025 ರಿಂದ ಅವಕಾಶವಿದ್ದು, ದಂಡ ಶುಲ್ಕವಿಲ್ಲದೆ ಅರ್ಜಿ ಸಲ್ಲಿಸಲು 31.08.2025 ಕೊನೆಯ ದಿನಾಂಕವಾಗಿದೆ. ರೂ.200/-ಗಳ ದಂಡ ಶುಲ್ಕದೊಂದಿಗೆ ಅರ್ಜಿ ಸಲ್ಲಿಸಲು 01.09.2025 ರಿಂದ 05.09.2025 ರವರೆಗೆ ಅವಕಾಶ ನೀಡಲಾಗಿದೆ. ಹೆಚ್ಚಿನ ಮಾಹಿತಿಗಾಗಿ ವಿಶ್ವವಿದ್ಯಾಲಯದ ಜಾಲತಾಣ www.kannadauniversity.org ಗೆ ಭೇಟಿ ನೀಡಬಹುದು ಅಥವಾ diracademicku@gmail.com ಗೆ ಇಮೇಲ್ ಮಾಡಬಹುದು. ಅಥವಾ UUCMS ನೋಡಲ್ ಅಧಿಕಾರಿಗಳ ದೂರವಾಣಿ ಸಂಖ್ಯೆ 94487 21818 ಸಂಪರ್ಕಿಸಬಹುದು.
ಆರ್‌ವೈಎಂಇಸಿ ಕಾಲೇಜಿನಲ್ಲಿ ಬೋಧಕ ಅಭಿವೃದ್ಧಿ ಕಾರ್ಯಕ್ರಮದ ಉದ್ಘಾಟನಾ ಸಮಾರಂಭ
ಸುವರ್ಣವಾಹಿನಿ ಸುದ್ದಿ
ಬಳ್ಳಾರಿ,ಆ.02: ನಗರದ ಪ್ರತಿಷ್ಠಿತ ರಾವ್ ಬಹದ್ದೂರ್ ವೈ ಮಹಾಬಲೇಶ್ವರಪ್ಪ ಇಂಜಿನಿಯರಿಂಗ್ ಕಾಲೇಜಿನಲ್ಲಿ 5 ದಿನಗಳ ಬೋಧಕ ಅಭಿವೃದ್ಧಿ ಕಾರ್ಯಕ್ರಮ ಉದ್ಘಾಟನಾ ಸಮಾರಂಭ ನಡೆಯಿತು. ಕಾರ್ಯಕ್ರಮವನ್ನು ಉದ್ಘಾಟಿಸಿ ಮಾತನಾಡಿದ ಮುಖ್ಯ ಅತಿಥಿಗಳು, ಬದಲಾಗುತ್ತಿರುವ ತಂತ್ರಜ್ಞಾನಕ್ಕೆ ಅನುಗುಣವಾಗಿ ಬೋಧಕರು ತಮ್ಮ ಜ್ಞಾನವನ್ನು ನವೀಕರಿಸಿಕೊಳ್ಳಬೇಕು ಎಂದರು.
ಮಹಾವಿದ್ಯಾಲಯದ ಪ್ರಾಂಶುಪಾಲರು ಅಧ್ಯಕ್ಷತೆ ವಹಿಸಿ ಮಾತನಾಡಿ, ಗುಣಮಟ್ಟದ ಶಿಕ್ಷಣ ನೀಡಲು ಇಂತಹ ಕಾರ್ಯಕ್ರಮಗಳು ಸಹಕಾರಿ ಎಂದರು. ವಿವಿಧ ಕಾಲೇಜುಗಳ ಬೋಧಕರು ಪಾಲ್ಗೊಂಡಿದ್ದರು. ಸಂಪನ್ಮೂಲ ವ್ಯಕ್ತಿಗಳು ತರಬೇತಿ ನೀಡಲಿದ್ದಾರೆ. ವಿಭಾಗದ ಮುಖ್ಯಸ್ಥರು ಸ್ವಾಗತಿಸಿದರು.
ಕಾರ್ಯಕ್ರಮದ ಸಂಯೋಜಕರು ವಂದಿಸಿದರು. ಐದು ದಿನಗಳ ಕಾಲ ನಡೆಯುವ ಕಾರ್ಯಾಗಾರದಲ್ಲಿ ಕೃತಕ ಬುದ್ಧಿಮತ್ತೆ, ಮೆಷಿನ್ ಲರ್ನಿಂಗ್ ಸೇರಿದಂತೆ ವಿವಿಧ ವಿಷಯಗಳ ಕುರಿತು ಉಪನ್ಯಾಸ ನಡೆಯಲಿದೆ. ಕಾಲೇಜಿನ ಆಡಳಿತ ಮಂಡಳಿ ಸದಸ್ಯರು, ಬೋಧಕ ಹಾಗೂ ಬೋಧಕೇತರ ಸಿಬ್ಬಂದಿ ಉಪಸ್ಥಿತರಿದ್ದರು.
